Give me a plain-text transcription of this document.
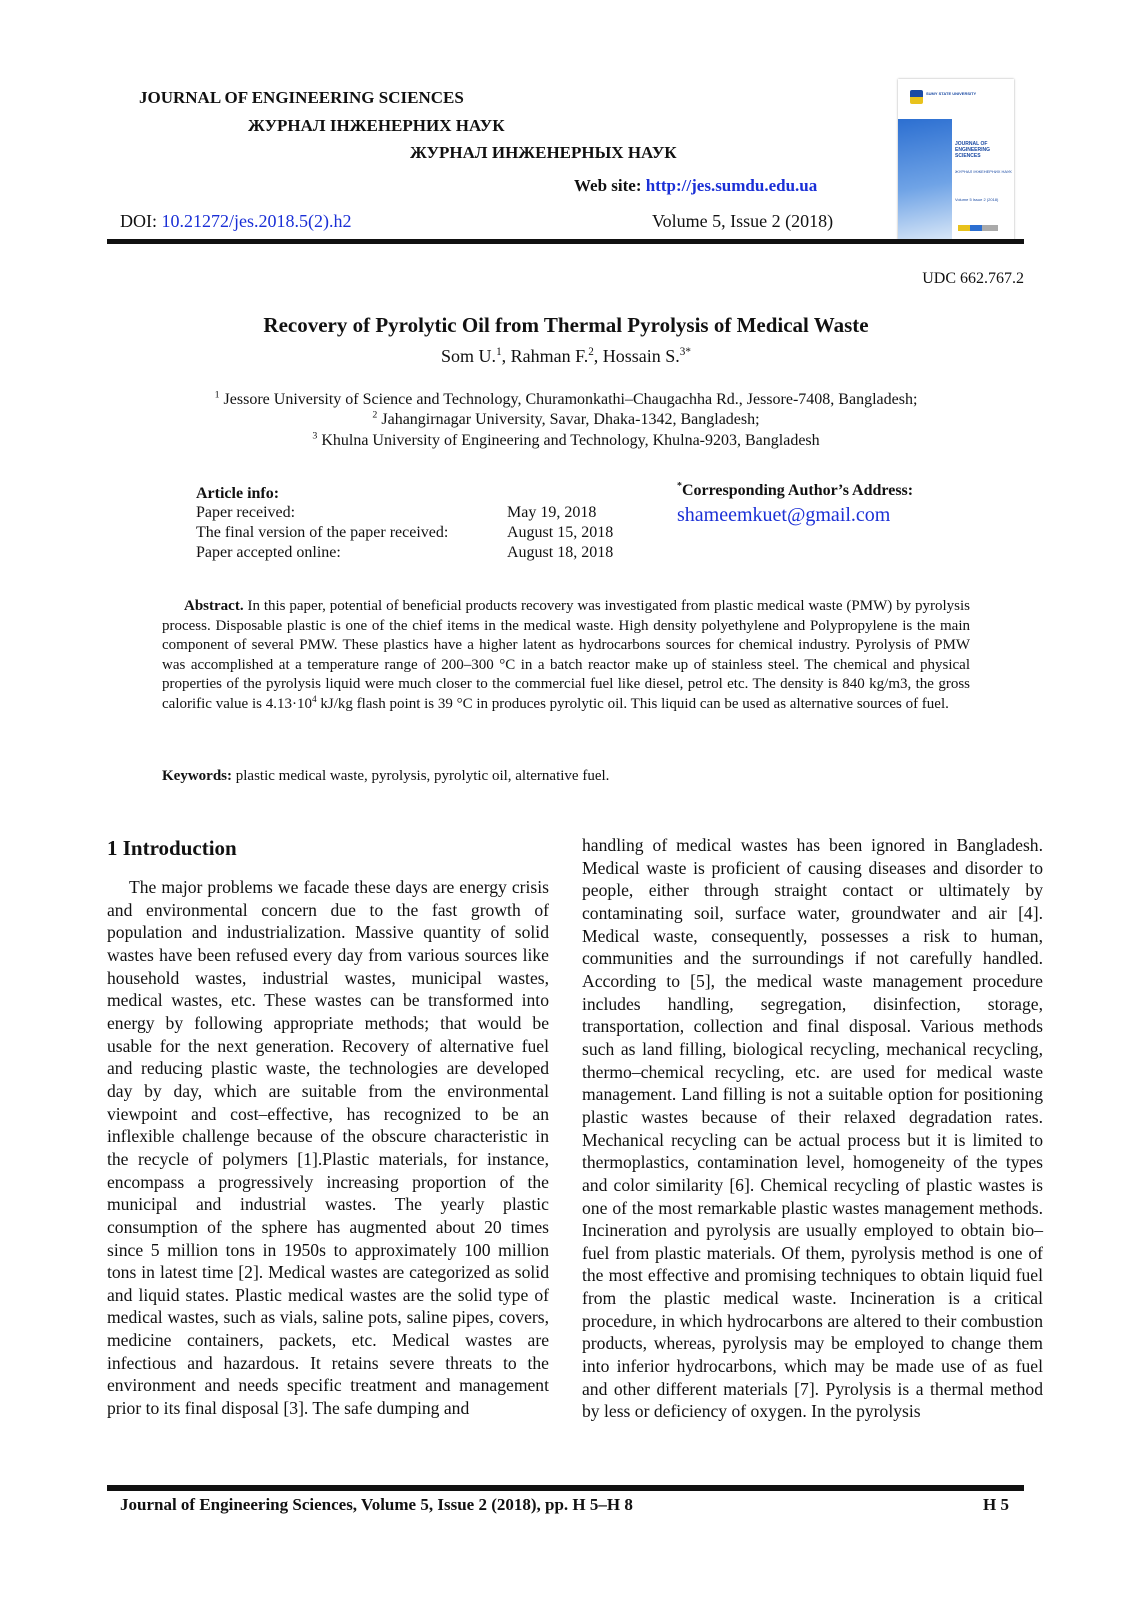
JOURNAL OF ENGINEERING SCIENCES
ЖУРНАЛ ІНЖЕНЕРНИХ НАУК
ЖУРНАЛ ИНЖЕНЕРНЫХ НАУК
Web site: http://jes.sumdu.edu.ua
DOI: 10.21272/jes.2018.5(2).h2	Volume 5, Issue 2 (2018)
SUMY STATE UNIVERSITY
JOURNAL OF ENGINEERING SCIENCES
ЖУРНАЛ ІНЖЕНЕРНИХ НАУК
Volume 5 Issue 2 (2018)
UDC 662.767.2
Recovery of Pyrolytic Oil from Thermal Pyrolysis of Medical Waste
Som U.$^1$, Rahman F.$^2$, Hossain S.$^{3*}$
$^1$ Jessore University of Science and Technology, Churamonkathi–Chaugachha Rd., Jessore-7408, Bangladesh;
$^2$ Jahangirnagar University, Savar, Dhaka-1342, Bangladesh;
$^3$ Khulna University of Engineering and Technology, Khulna-9203, Bangladesh
Article info:
Paper received:	May 19, 2018
The final version of the paper received:	August 15, 2018
Paper accepted online:	August 18, 2018
*Corresponding Author’s Address:
shameemkuet@gmail.com
Abstract. In this paper, potential of beneficial products recovery was investigated from plastic medical waste (PMW) by pyrolysis process. Disposable plastic is one of the chief items in the medical waste. High density polyethylene and Polypropylene is the main component of several PMW. These plastics have a higher latent as hydrocarbons sources for chemical industry. Pyrolysis of PMW was accomplished at a temperature range of 200–300 °C in a batch reactor make up of stainless steel. The chemical and physical properties of the pyrolysis liquid were much closer to the commercial fuel like diesel, petrol etc. The density is 840 kg/m3, the gross calorific value is $4.13\cdot 10^4$ kJ/kg flash point is 39 °C in produces pyrolytic oil. This liquid can be used as alternative sources of fuel.
Keywords: plastic medical waste, pyrolysis, pyrolytic oil, alternative fuel.
1 Introduction
The major problems we facade these days are energy crisis and environmental concern due to the fast growth of population and industrialization. Massive quantity of solid wastes have been refused every day from various sources like household wastes, industrial wastes, municipal wastes, medical wastes, etc. These wastes can be transformed into energy by following appropriate methods; that would be usable for the next generation. Recovery of alternative fuel and reducing plastic waste, the technologies are developed day by day, which are suitable from the environmental viewpoint and cost–effective, has recognized to be an inflexible challenge because of the obscure characteristic in the recycle of polymers [1].Plastic materials, for instance, encompass a progressively increasing proportion of the municipal and industrial wastes. The yearly plastic consumption of the sphere has augmented about 20 times since 5 million tons in 1950s to approximately 100 million tons in latest time [2]. Medical wastes are categorized as solid and liquid states. Plastic medical wastes are the solid type of medical wastes, such as vials, saline pots, saline pipes, covers, medicine containers, packets, etc. Medical wastes are infectious and hazardous. It retains severe threats to the environment and needs specific treatment and management prior to its final disposal [3]. The safe dumping and
handling of medical wastes has been ignored in Bangladesh. Medical waste is proficient of causing diseases and disorder to people, either through straight contact or ultimately by contaminating soil, surface water, groundwater and air [4]. Medical waste, consequently, possesses a risk to human, communities and the surroundings if not carefully handled. According to [5], the medical waste management procedure includes handling, segregation, disinfection, storage, transportation, collection and final disposal. Various methods such as land filling, biological recycling, mechanical recycling, thermo–chemical recycling, etc. are used for medical waste management. Land filling is not a suitable option for positioning plastic wastes because of their relaxed degradation rates. Mechanical recycling can be actual process but it is limited to thermoplastics, contamination level, homogeneity of the types and color similarity [6]. Chemical recycling of plastic wastes is one of the most remarkable plastic wastes management methods. Incineration and pyrolysis are usually employed to obtain bio–fuel from plastic materials. Of them, pyrolysis method is one of the most effective and promising techniques to obtain liquid fuel from the plastic medical waste. Incineration is a critical procedure, in which hydrocarbons are altered to their combustion products, whereas, pyrolysis may be employed to change them into inferior hydrocarbons, which may be made use of as fuel and other different materials [7]. Pyrolysis is a thermal method by less or deficiency of oxygen. In the pyrolysis
Journal of Engineering Sciences, Volume 5, Issue 2 (2018), pp. H 5–H 8	H 5
